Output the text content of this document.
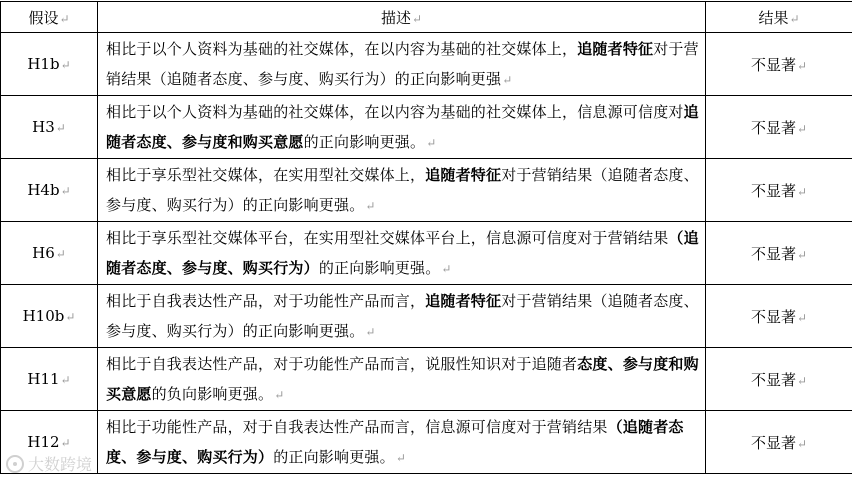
假设↵	描述↵	结果↵
H1b↵	相比于以个人资料为基础的社交媒体，在以内容为基础的社交媒体上，追随者特征对于营销结果（追随者态度、参与度、购买行为）的正向影响更强↵	不显著↵
H3↵	相比于以个人资料为基础的社交媒体，在以内容为基础的社交媒体上，信息源可信度对追随者态度、参与度和购买意愿的正向影响更强。↵	不显著↵
H4b↵	相比于享乐型社交媒体，在实用型社交媒体上，追随者特征对于营销结果（追随者态度、参与度、购买行为）的正向影响更强。↵	不显著↵
H6↵	相比于享乐型社交媒体平台，在实用型社交媒体平台上，信息源可信度对于营销结果（追随者态度、参与度、购买行为）的正向影响更强。↵	不显著↵
H10b↵	相比于自我表达性产品，对于功能性产品而言，追随者特征对于营销结果（追随者态度、参与度、购买行为）的正向影响更强。↵	不显著↵
H11↵	相比于自我表达性产品，对于功能性产品而言，说服性知识对于追随者态度、参与度和购买意愿的负向影响更强。↵	不显著↵
H12↵	相比于功能性产品，对于自我表达性产品而言，信息源可信度对于营销结果（追随者态度、参与度、购买行为）的正向影响更强。↵	不显著↵
大数跨境
